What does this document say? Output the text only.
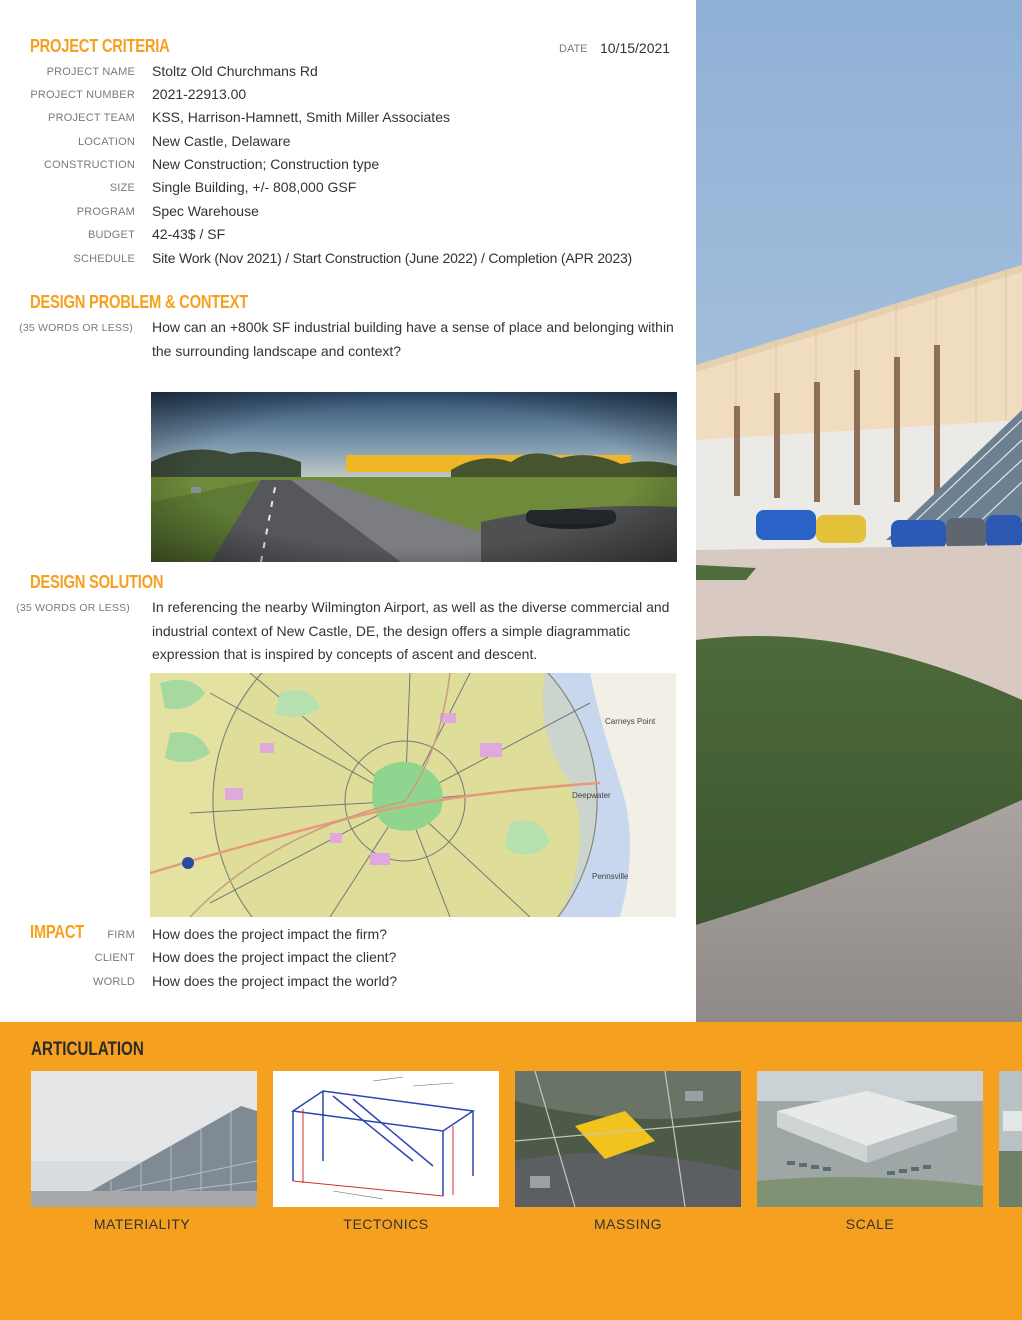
PROJECT CRITERIA	DATE 10/15/2021
PROJECT NAME Stoltz Old Churchmans Rd
PROJECT NUMBER 2021-22913.00
PROJECT TEAM KSS, Harrison-Hamnett, Smith Miller Associates
LOCATION New Castle, Delaware
CONSTRUCTION New Construction; Construction type
SIZE Single Building, +/- 808,000 GSF
PROGRAM Spec Warehouse
BUDGET 42-43$ / SF
SCHEDULE Site Work (Nov 2021) / Start Construction (June 2022) / Completion (APR 2023)
DESIGN PROBLEM & CONTEXT
(35 WORDS OR LESS) How can an +800k SF industrial building have a sense of place and belonging within the surrounding landscape and context?
DESIGN SOLUTION
(35 WORDS OR LESS) In referencing the nearby Wilmington Airport, as well as the diverse commercial and industrial context of New Castle, DE, the design offers a simple diagrammatic expression that is inspired by concepts of ascent and descent.
Carneys Point
Deepwater
Pennsville
IMPACT	FIRM How does the project impact the firm?
CLIENT How does the project impact the client?
WORLD How does the project impact the world?
ARTICULATION
MATERIALITY	TECTONICS	MASSING	SCALE
